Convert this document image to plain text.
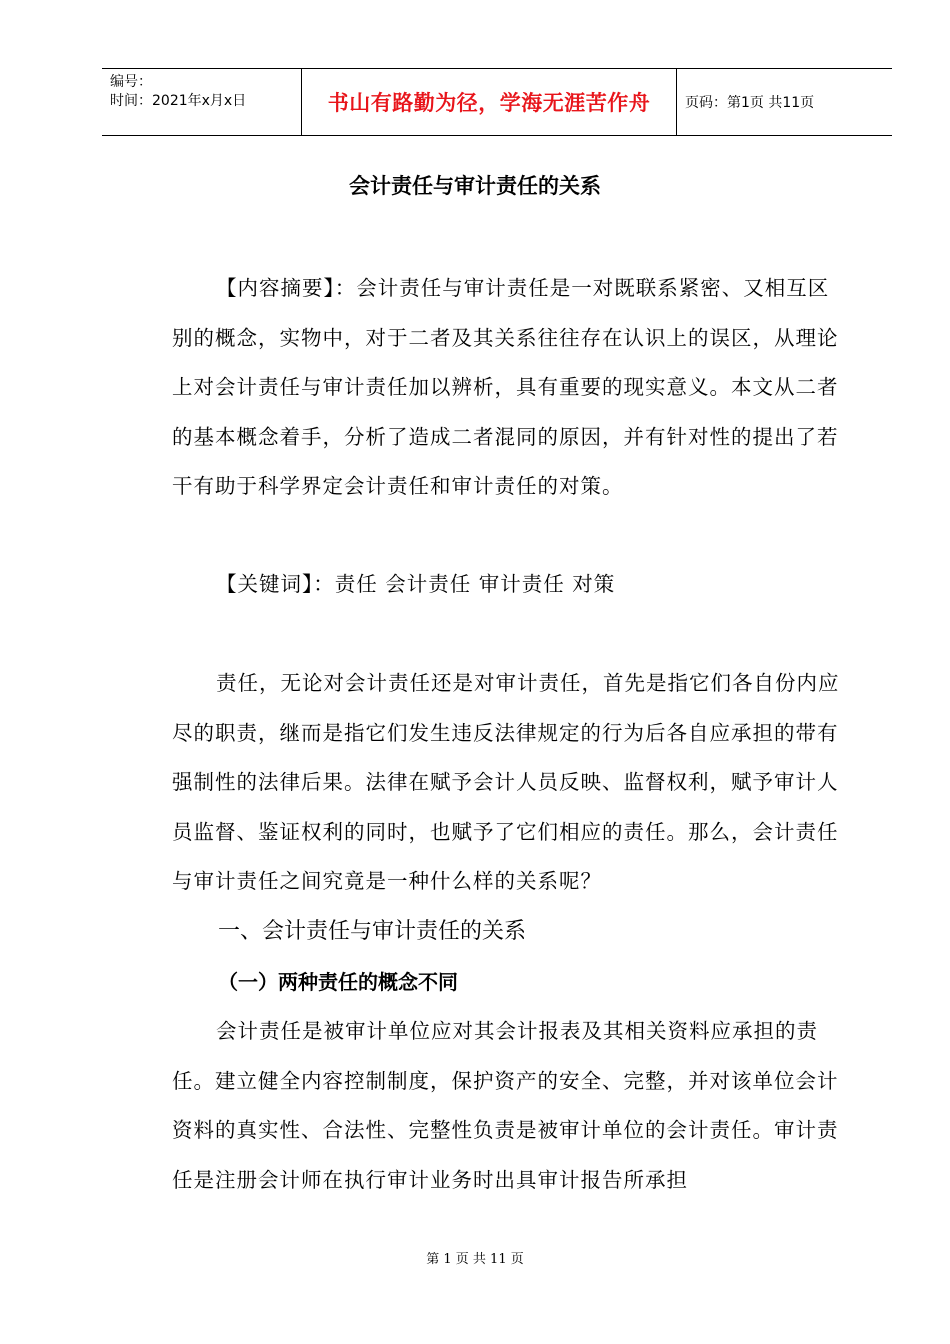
编号：
时间：2021年x月x日	书山有路勤为径，学海无涯苦作舟	页码：第1页 共11页
会计责任与审计责任的关系
【内容摘要】：会计责任与审计责任是一对既联系紧密、又相互区别的概念，实物中，对于二者及其关系往往存在认识上的误区，从理论上对会计责任与审计责任加以辨析，具有重要的现实意义。本文从二者的基本概念着手，分析了造成二者混同的原因，并有针对性的提出了若干有助于科学界定会计责任和审计责任的对策。
【关键词】：责任 会计责任 审计责任 对策
责任，无论对会计责任还是对审计责任，首先是指它们各自份内应尽的职责，继而是指它们发生违反法律规定的行为后各自应承担的带有强制性的法律后果。法律在赋予会计人员反映、监督权利，赋予审计人员监督、鉴证权利的同时，也赋予了它们相应的责任。那么，会计责任与审计责任之间究竟是一种什么样的关系呢？
一、会计责任与审计责任的关系
（一）两种责任的概念不同
会计责任是被审计单位应对其会计报表及其相关资料应承担的责任。建立健全内容控制制度，保护资产的安全、完整，并对该单位会计资料的真实性、合法性、完整性负责是被审计单位的会计责任。审计责任是注册会计师在执行审计业务时出具审计报告所承担
第 1 页 共 11 页
